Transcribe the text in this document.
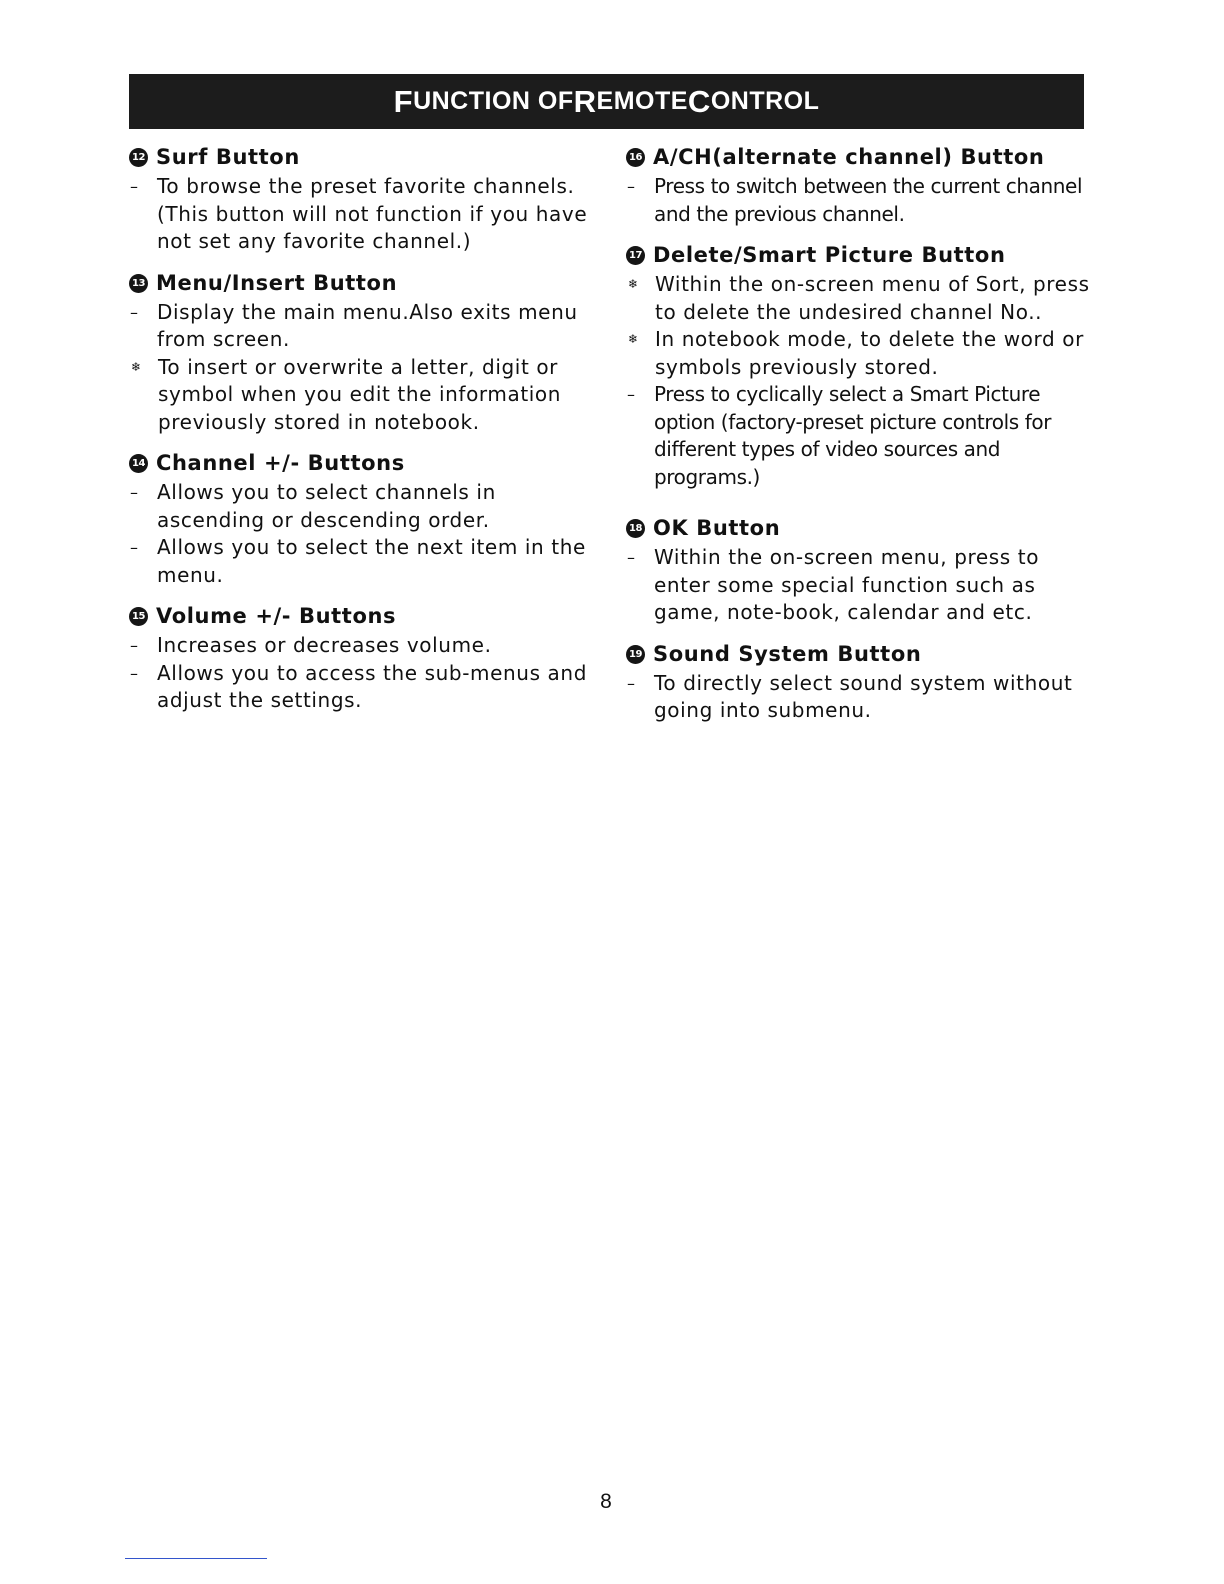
F UNCTION OF R EMOTE C ONTROL
12 Surf Button
– To browse the preset favorite channels. (This button will not function if you have not set any favorite channel.)
13 Menu/Insert Button
– Display the main menu.Also exits menu from screen.
❄ To insert or overwrite a letter, digit or symbol when you edit the information previously stored in notebook.
14 Channel +/- Buttons
– Allows you to select channels in ascending or descending order.
– Allows you to select the next item in the menu.
15 Volume +/- Buttons
– Increases or decreases volume.
– Allows you to access the sub-menus and adjust the settings.
16 A/CH(alternate channel) Button
– Press to switch between the current channel and the previous channel.
17 Delete/Smart Picture Button
❄ Within the on-screen menu of Sort, press to delete the undesired channel No..
❄ In notebook mode, to delete the word or symbols previously stored.
– Press to cyclically select a Smart Picture option (factory-preset picture controls for different types of video sources and programs.)
18 OK Button
– Within the on-screen menu, press to enter some special function such as game, note-book, calendar and etc.
19 Sound System Button
– To directly select sound system without going into submenu.
8
